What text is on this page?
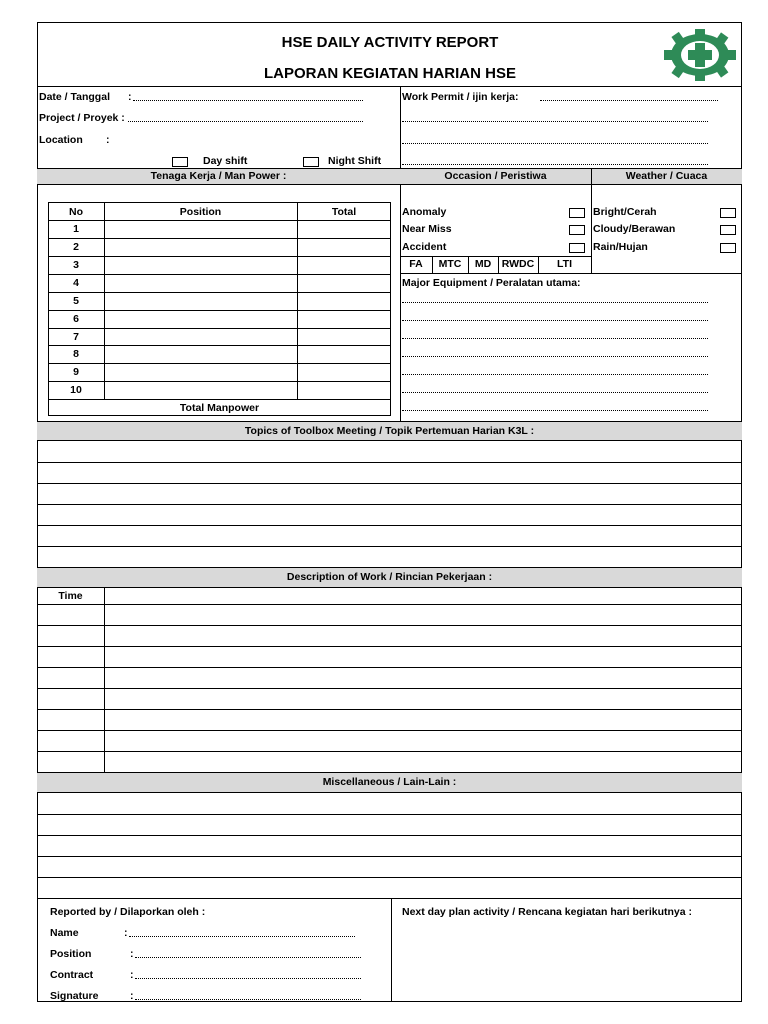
HSE DAILY ACTIVITY REPORT
LAPORAN KEGIATAN HARIAN HSE
Date / Tanggal :
Project / Proyek :
Location :
Day shift	Night Shift
Work Permit / ijin kerja:
Tenaga Kerja / Man Power :	Occasion / Peristiwa	Weather / Cuaca
No	Position	Total
1
2
3
4
5
6
7
8
9
10
Total Manpower
Anomaly
Near Miss
Accident
FA	MTC	MD	RWDC	LTI
Bright/Cerah
Cloudy/Berawan
Rain/Hujan
Major Equipment / Peralatan utama:
Topics of Toolbox Meeting / Topik Pertemuan Harian K3L :
Description of Work / Rincian Pekerjaan :
Time
Miscellaneous / Lain-Lain :
Reported by / Dilaporkan oleh :
Name	:
Position	:
Contract	:
Signature	:
Next day plan activity / Rencana kegiatan hari berikutnya :
